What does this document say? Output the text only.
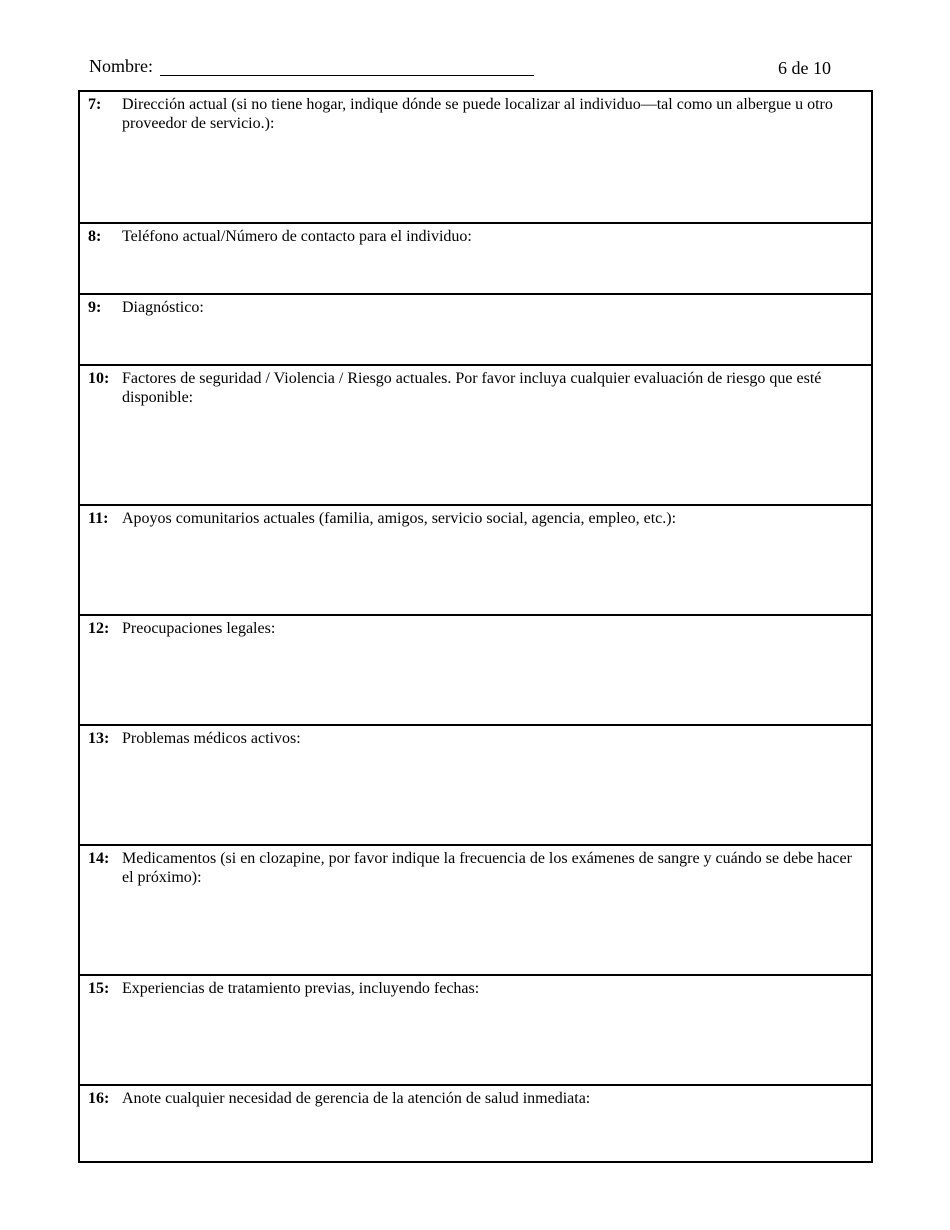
Nombre:	6 de 10
7: Dirección actual (si no tiene hogar, indique dónde se puede localizar al individuo—tal como un albergue u otro proveedor de servicio.):
8: Teléfono actual/Número de contacto para el individuo:
9: Diagnóstico:
10: Factores de seguridad / Violencia / Riesgo actuales. Por favor incluya cualquier evaluación de riesgo que esté disponible:
11: Apoyos comunitarios actuales (familia, amigos, servicio social, agencia, empleo, etc.):
12: Preocupaciones legales:
13: Problemas médicos activos:
14: Medicamentos (si en clozapine, por favor indique la frecuencia de los exámenes de sangre y cuándo se debe hacer el próximo):
15: Experiencias de tratamiento previas, incluyendo fechas:
16: Anote cualquier necesidad de gerencia de la atención de salud inmediata:
